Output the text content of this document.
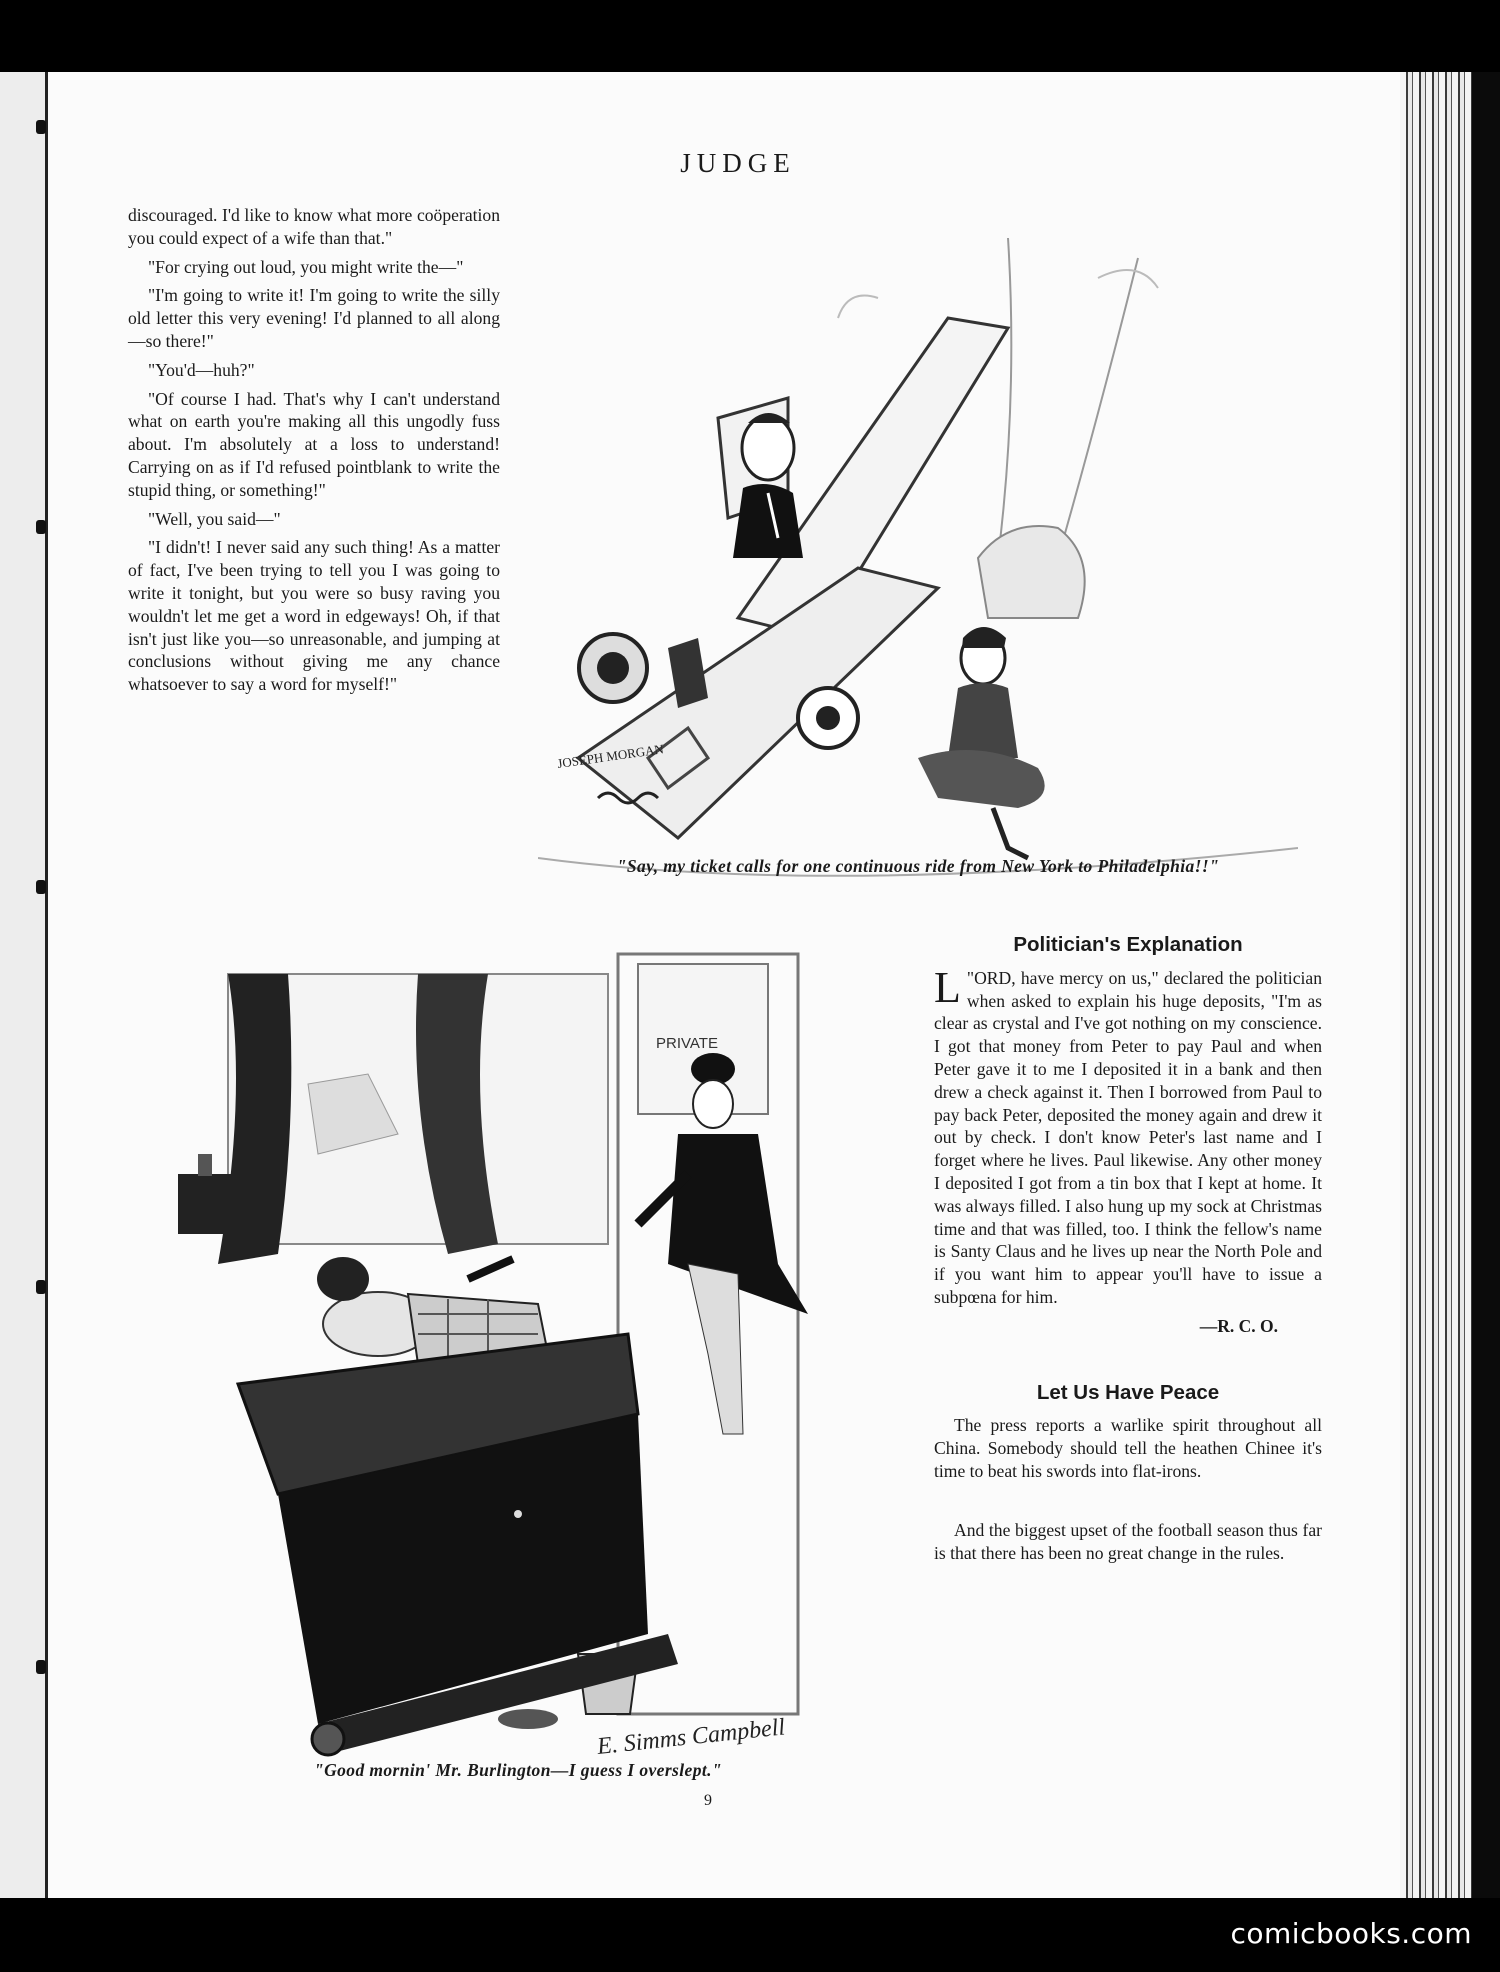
JUDGE

discouraged. I'd like to know what more coöperation you could expect of a wife than that."

"For crying out loud, you might write the—"

"I'm going to write it! I'm going to write the silly old letter this very evening! I'd planned to all along—so there!"

"You'd—huh?"

"Of course I had. That's why I can't understand what on earth you're making all this ungodly fuss about. I'm absolutely at a loss to understand! Carrying on as if I'd refused pointblank to write the stupid thing, or something!"

"Well, you said—"

"I didn't! I never said any such thing! As a matter of fact, I've been trying to tell you I was going to write it tonight, but you were so busy raving you wouldn't let me get a word in edgeways! Oh, if that isn't just like you—so unreasonable, and jumping at conclusions without giving me any chance whatsoever to say a word for myself!"

JOSEPH MORGAN
"Say, my ticket calls for one continuous ride from New York to Philadelphia!!"
PRIVATE
E. Simms Campbell
"Good mornin' Mr. Burlington—I guess I overslept."
Politician's Explanation

"
L ORD, have mercy on us," declared the politician when asked to explain his huge deposits, "I'm as clear as crystal and I've got nothing on my conscience. I got that money from Peter to pay Paul and when Peter gave it to me I deposited it in a bank and then drew a check against it. Then I borrowed from Paul to pay back Peter, deposited the money again and drew it out by check. I don't know Peter's last name and I forget where he lives. Paul likewise. Any other money I deposited I got from a tin box that I kept at home. It was always filled. I also hung up my sock at Christmas time and that was filled, too. I think the fellow's name is Santy Claus and he lives up near the North Pole and if you want him to appear you'll have to issue a subpœna for him.

—R. C. O.
Let Us Have Peace

The press reports a warlike spirit throughout all China. Somebody should tell the heathen Chinee it's time to beat his swords into flat-irons.

And the biggest upset of the football season thus far is that there has been no great change in the rules.

9
comicbooks.com
